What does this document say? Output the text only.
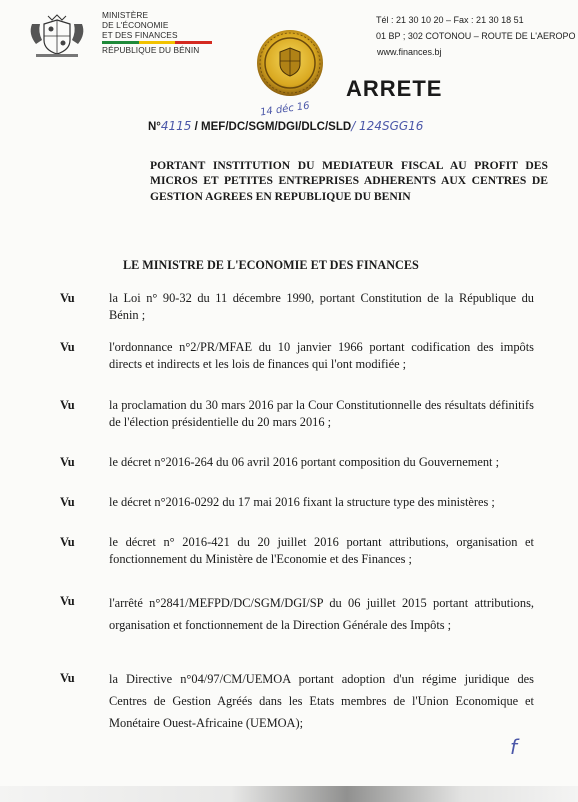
MINISTÈRE
DE L'ÉCONOMIE
ET DES FINANCES
RÉPUBLIQUE DU BÉNIN
Tél : 21 30 10 20 – Fax : 21 30 18 51
01 BP ; 302 COTONOU – ROUTE DE L'AEROPO
www.finances.bj
ARRETE
14 déc 16
N°4115 / MEF/DC/SGM/DGI/DLC/SLD/ 124SGG16
PORTANT INSTITUTION DU MEDIATEUR FISCAL AU PROFIT DES MICROS ET PETITES ENTREPRISES ADHERENTS AUX CENTRES DE GESTION AGREES EN REPUBLIQUE DU BENIN
LE MINISTRE DE L'ECONOMIE ET DES FINANCES
Vu	la Loi n° 90-32 du 11 décembre 1990, portant Constitution de la République du Bénin ;
Vu	l'ordonnance n°2/PR/MFAE du 10 janvier 1966 portant codification des impôts directs et indirects et les lois de finances qui l'ont modifiée ;
Vu	la proclamation du 30 mars 2016 par la Cour Constitutionnelle des résultats définitifs de l'élection présidentielle du 20 mars 2016 ;
Vu	le décret n°2016-264 du 06 avril 2016 portant composition du Gouvernement ;
Vu	le décret n°2016-0292 du 17 mai 2016 fixant la structure type des ministères ;
Vu	le décret n° 2016-421 du 20 juillet 2016 portant attributions, organisation et fonctionnement du Ministère de l'Economie et des Finances ;
Vu	l'arrêté n°2841/MEFPD/DC/SGM/DGI/SP du 06 juillet 2015 portant attributions, organisation et fonctionnement de la Direction Générale des Impôts ;
Vu	la Directive n°04/97/CM/UEMOA portant adoption d'un régime juridique des Centres de Gestion Agréés dans les Etats membres de l'Union Economique et Monétaire Ouest-Africaine (UEMOA);
f
